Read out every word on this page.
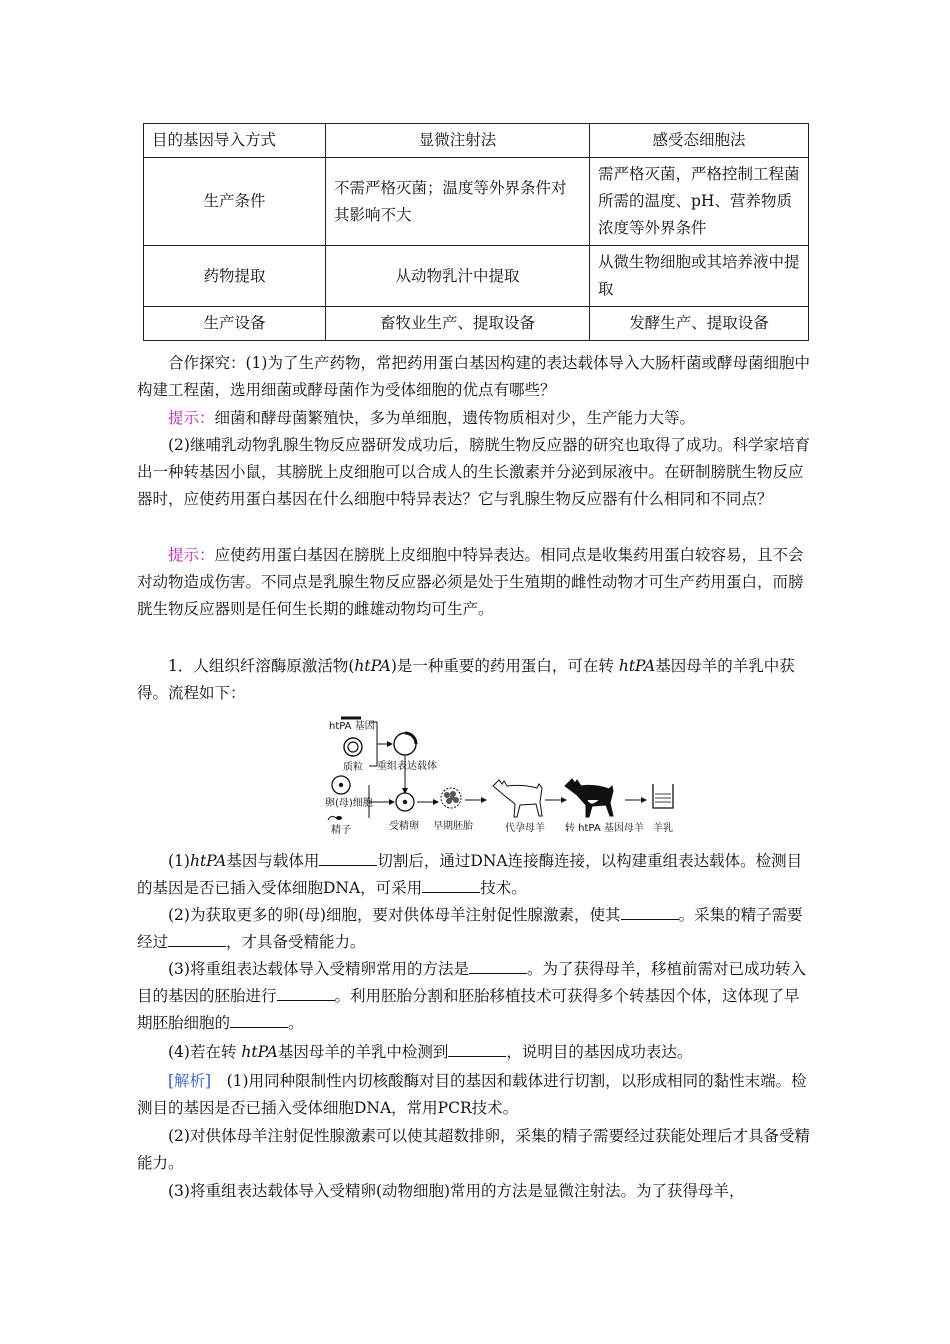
目的基因导入方式	显微注射法	感受态细胞法
生产条件	不需严格灭菌；温度等外界条件对其影响不大	需严格灭菌，严格控制工程菌所需的温度、pH、营养物质浓度等外界条件
药物提取	从动物乳汁中提取	从微生物细胞或其培养液中提取
生产设备	畜牧业生产、提取设备	发酵生产、提取设备
合作探究：(1)为了生产药物，常把药用蛋白基因构建的表达载体导入大肠杆菌或酵母菌细胞中构建工程菌，选用细菌或酵母菌作为受体细胞的优点有哪些？
提示：细菌和酵母菌繁殖快，多为单细胞，遗传物质相对少，生产能力大等。
(2)继哺乳动物乳腺生物反应器研发成功后，膀胱生物反应器的研究也取得了成功。科学家培育出一种转基因小鼠，其膀胱上皮细胞可以合成人的生长激素并分泌到尿液中。在研制膀胱生物反应器时，应使药用蛋白基因在什么细胞中特异表达？它与乳腺生物反应器有什么相同和不同点？
提示：应使药用蛋白基因在膀胱上皮细胞中特异表达。相同点是收集药用蛋白较容易，且不会对动物造成伤害。不同点是乳腺生物反应器必须是处于生殖期的雌性动物才可生产药用蛋白，而膀胱生物反应器则是任何生长期的雌雄动物均可生产。
1．人组织纤溶酶原激活物(htPA)是一种重要的药用蛋白，可在转 htPA基因母羊的羊乳中获得。流程如下：
htPA 基因
质粒 重组表达载体
卵(母)细胞
精子	受精卵 早期胚胎	代孕母羊 转 htPA 基因母羊 羊乳
(1)htPA基因与载体用	切割后，通过DNA连接酶连接，以构建重组表达载体。检测目的基因是否已插入受体细胞DNA，可采用	技术。
(2)为获取更多的卵(母)细胞，要对供体母羊注射促性腺激素，使其	。采集的精子需要经过	，才具备受精能力。
(3)将重组表达载体导入受精卵常用的方法是	。为了获得母羊，移植前需对已成功转入目的基因的胚胎进行	。利用胚胎分割和胚胎移植技术可获得多个转基因个体，这体现了早期胚胎细胞的	。
(4)若在转 htPA基因母羊的羊乳中检测到	，说明目的基因成功表达。
[解析]　(1)用同种限制性内切核酸酶对目的基因和载体进行切割，以形成相同的黏性末端。检测目的基因是否已插入受体细胞DNA，常用PCR技术。
(2)对供体母羊注射促性腺激素可以使其超数排卵，采集的精子需要经过获能处理后才具备受精能力。
(3)将重组表达载体导入受精卵(动物细胞)常用的方法是显微注射法。为了获得母羊，
